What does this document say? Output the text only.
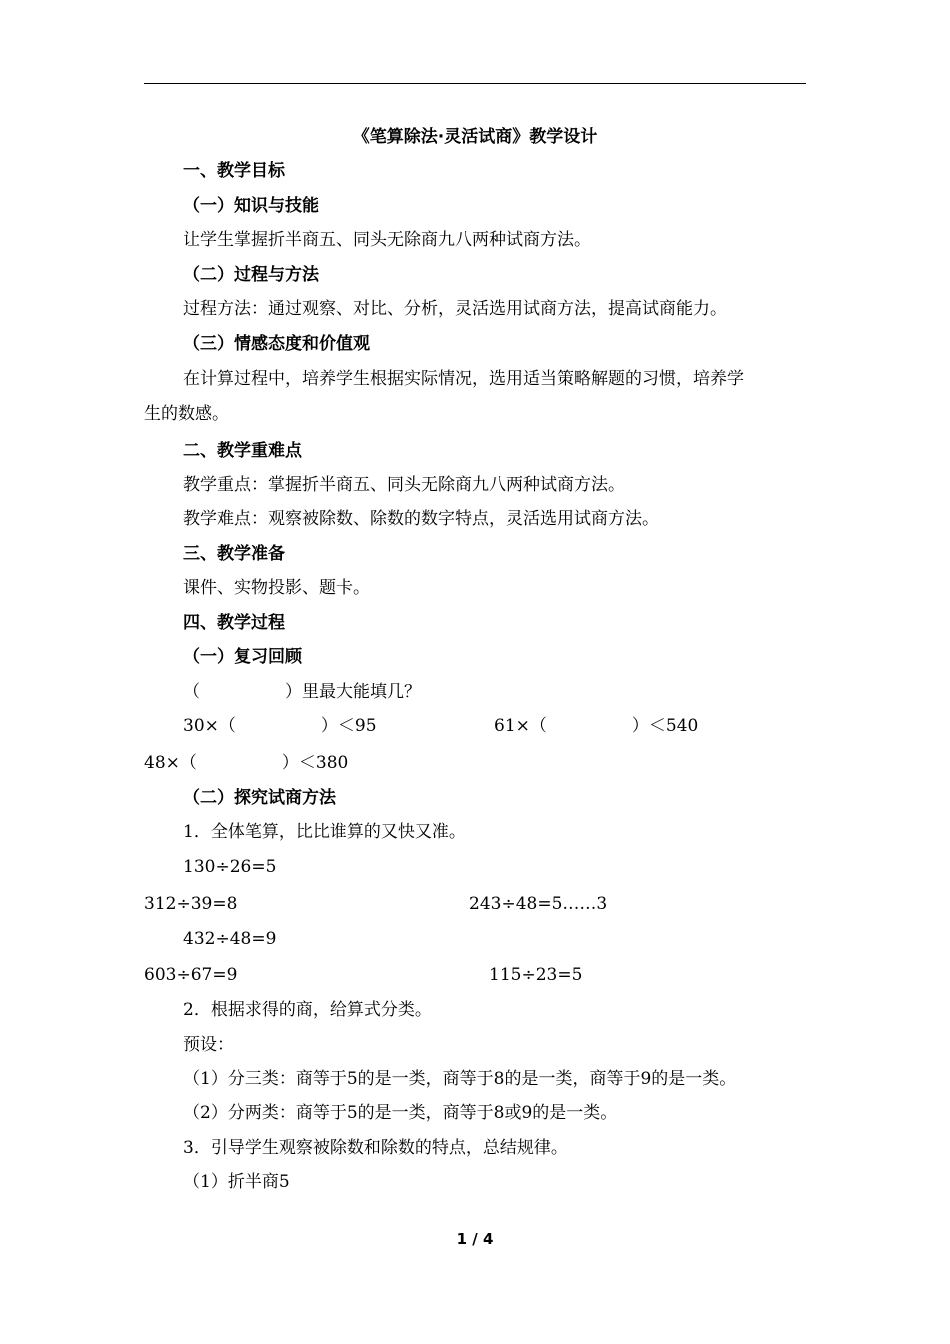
《笔算除法·灵活试商》教学设计
一、教学目标
（一）知识与技能
让学生掌握折半商五、同头无除商九八两种试商方法。
（二）过程与方法
过程方法：通过观察、对比、分析，灵活选用试商方法，提高试商能力。
（三）情感态度和价值观
在计算过程中，培养学生根据实际情况，选用适当策略解题的习惯，培养学
生的数感。
二、教学重难点
教学重点：掌握折半商五、同头无除商九八两种试商方法。
教学难点：观察被除数、除数的数字特点，灵活选用试商方法。
三、教学准备
课件、实物投影、题卡。
四、教学过程
（一）复习回顾
（　　　　　）里最大能填几？
30×（　　　　　）＜95	61×（　　　　　）＜540
48×（　　　　　）＜380
（二）探究试商方法
1．全体笔算，比比谁算的又快又准。
130÷26=5
312÷39=8	243÷48=5……3
432÷48=9
603÷67=9	115÷23=5
2．根据求得的商，给算式分类。
预设：
（1）分三类：商等于5的是一类，商等于8的是一类，商等于9的是一类。
（2）分两类：商等于5的是一类，商等于8或9的是一类。
3．引导学生观察被除数和除数的特点，总结规律。
（1）折半商5
1 / 4
